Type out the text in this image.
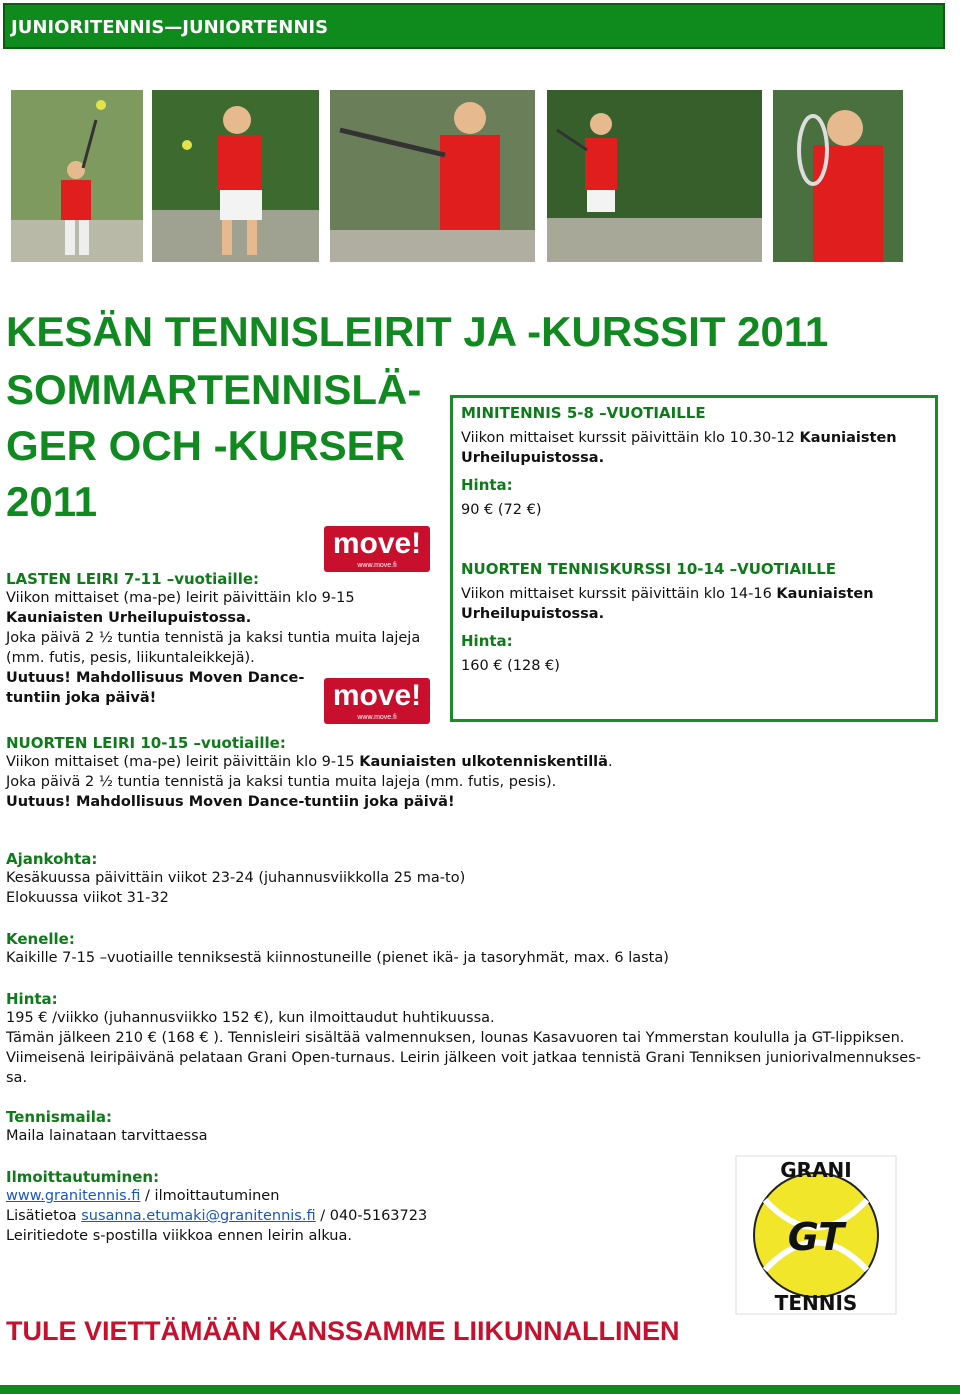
JUNIORITENNIS—JUNIORTENNIS
KESÄN TENNISLEIRIT JA -KURSSIT 2011
SOMMARTENNISLÄ-GER OCH -KURSER 2011
move!
www.move.fi
LASTEN LEIRI 7-11 –vuotiaille:
Viikon mittaiset (ma-pe) leirit päivittäin klo 9-15 Kauniaisten Urheilupuistossa.
Joka päivä 2 ½ tuntia tennistä ja kaksi tuntia muita lajeja (mm. futis, pesis, liikuntaleikkejä).
Uutuus! Mahdollisuus Moven Dance-tuntiin joka päivä!	move!
www.move.fi
MINITENNIS 5-8 –VUOTIAILLE

Viikon mittaiset kurssit päivittäin klo 10.30-12 Kauniaisten Urheilupuistossa.

Hinta:

90 € (72 €)

NUORTEN TENNISKURSSI 10-14 –VUOTIAILLE

Viikon mittaiset kurssit päivittäin klo 14-16 Kauniaisten Urheilupuistossa.

Hinta:

160 € (128 €)

NUORTEN LEIRI 10-15 –vuotiaille:
Viikon mittaiset (ma-pe) leirit päivittäin klo 9-15 Kauniaisten ulkotenniskentillä.
Joka päivä 2 ½ tuntia tennistä ja kaksi tuntia muita lajeja (mm. futis, pesis).
Uutuus! Mahdollisuus Moven Dance-tuntiin joka päivä!
Ajankohta:
Kesäkuussa päivittäin viikot 23-24 (juhannusviikkolla 25 ma-to)
Elokuussa viikot 31-32
Kenelle:
Kaikille 7-15 –vuotiaille tenniksestä kiinnostuneille (pienet ikä- ja tasoryhmät, max. 6 lasta)
Hinta:
195 € /viikko (juhannusviikko 152 €), kun ilmoittaudut huhtikuussa.
Tämän jälkeen 210 € (168 € ). Tennisleiri sisältää valmennuksen, lounas Kasavuoren tai Ymmerstan koululla ja GT-lippiksen.
Viimeisenä leiripäivänä pelataan Grani Open-turnaus. Leirin jälkeen voit jatkaa tennistä Grani Tenniksen juniorivalmennukses-sa.
Tennismaila:
Maila lainataan tarvittaessa
Ilmoittautuminen:
www.granitennis.fi / ilmoittautuminen
Lisätietoa susanna.etumaki@granitennis.fi / 040-5163723
Leiritiedote s-postilla viikkoa ennen leirin alkua.
GRANI
GT
TENNIS
TULE VIETTÄMÄÄN KANSSAMME LIIKUNNALLINEN
